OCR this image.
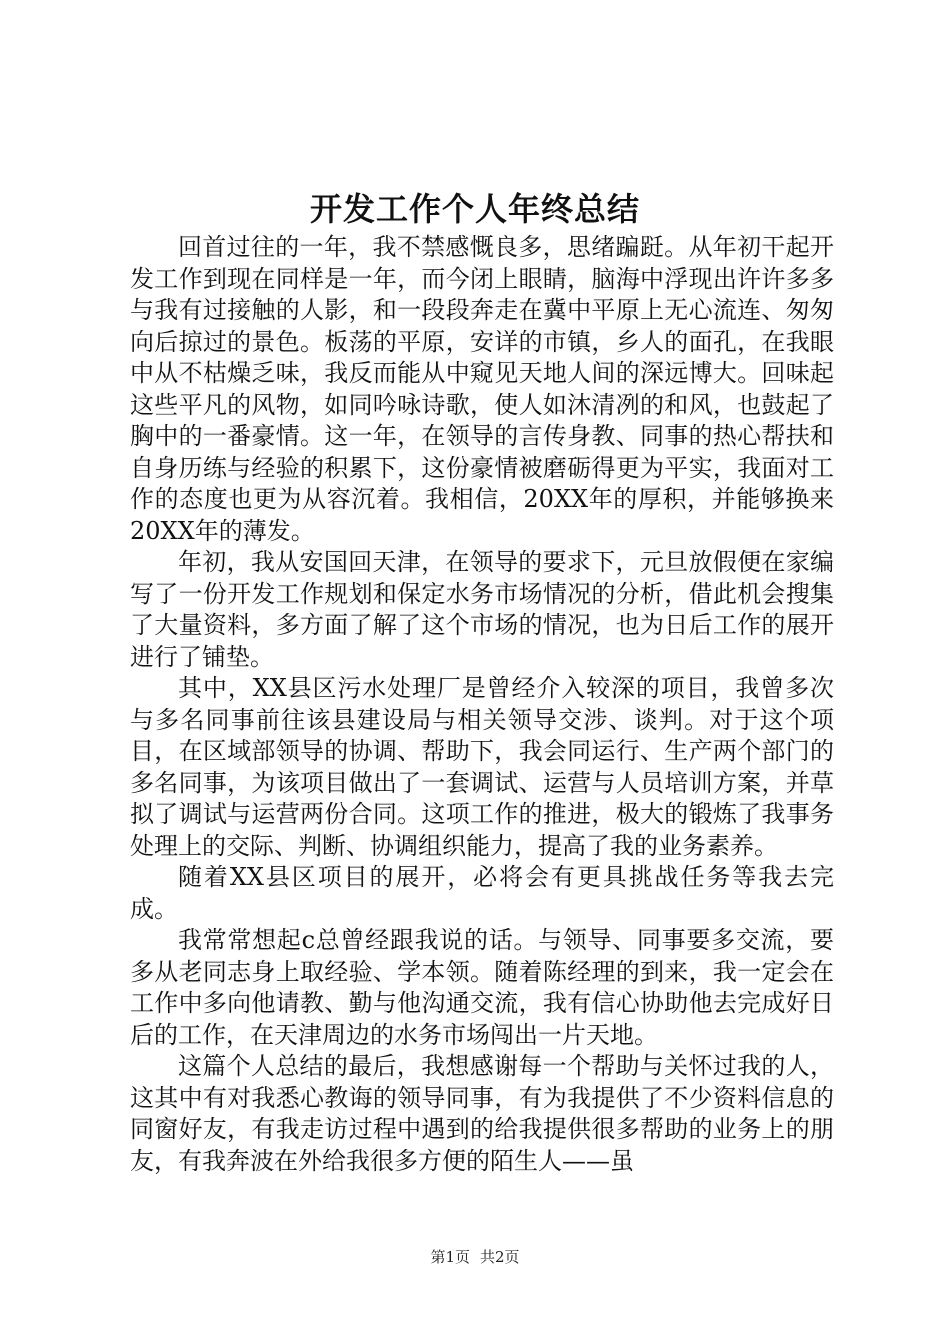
开发工作个人年终总结

回首过往的一年，我不禁感慨良多，思绪蹁跹。从年初干起开发工作到现在同样是一年，而今闭上眼睛，脑海中浮现出许许多多与我有过接触的人影，和一段段奔走在冀中平原上无心流连、匆匆向后掠过的景色。板荡的平原，安详的市镇，乡人的面孔，在我眼中从不枯燥乏味，我反而能从中窥见天地人间的深远博大。回味起这些平凡的风物，如同吟咏诗歌，使人如沐清冽的和风，也鼓起了胸中的一番豪情。这一年，在领导的言传身教、同事的热心帮扶和自身历练与经验的积累下，这份豪情被磨砺得更为平实，我面对工作的态度也更为从容沉着。我相信，20XX年的厚积，并能够换来20XX年的薄发。

年初，我从安国回天津，在领导的要求下，元旦放假便在家编写了一份开发工作规划和保定水务市场情况的分析，借此机会搜集了大量资料，多方面了解了这个市场的情况，也为日后工作的展开进行了铺垫。

其中，XX县区污水处理厂是曾经介入较深的项目，我曾多次与多名同事前往该县建设局与相关领导交涉、谈判。对于这个项目，在区域部领导的协调、帮助下，我会同运行、生产两个部门的多名同事，为该项目做出了一套调试、运营与人员培训方案，并草拟了调试与运营两份合同。这项工作的推进，极大的锻炼了我事务处理上的交际、判断、协调组织能力，提高了我的业务素养。

随着XX县区项目的展开，必将会有更具挑战任务等我去完成。

我常常想起c总曾经跟我说的话。与领导、同事要多交流，要多从老同志身上取经验、学本领。随着陈经理的到来，我一定会在工作中多向他请教、勤与他沟通交流，我有信心协助他去完成好日后的工作，在天津周边的水务市场闯出一片天地。

这篇个人总结的最后，我想感谢每一个帮助与关怀过我的人，这其中有对我悉心教诲的领导同事，有为我提供了不少资料信息的同窗好友，有我走访过程中遇到的给我提供很多帮助的业务上的朋友，有我奔波在外给我很多方便的陌生人——虽

第1页 共2页
